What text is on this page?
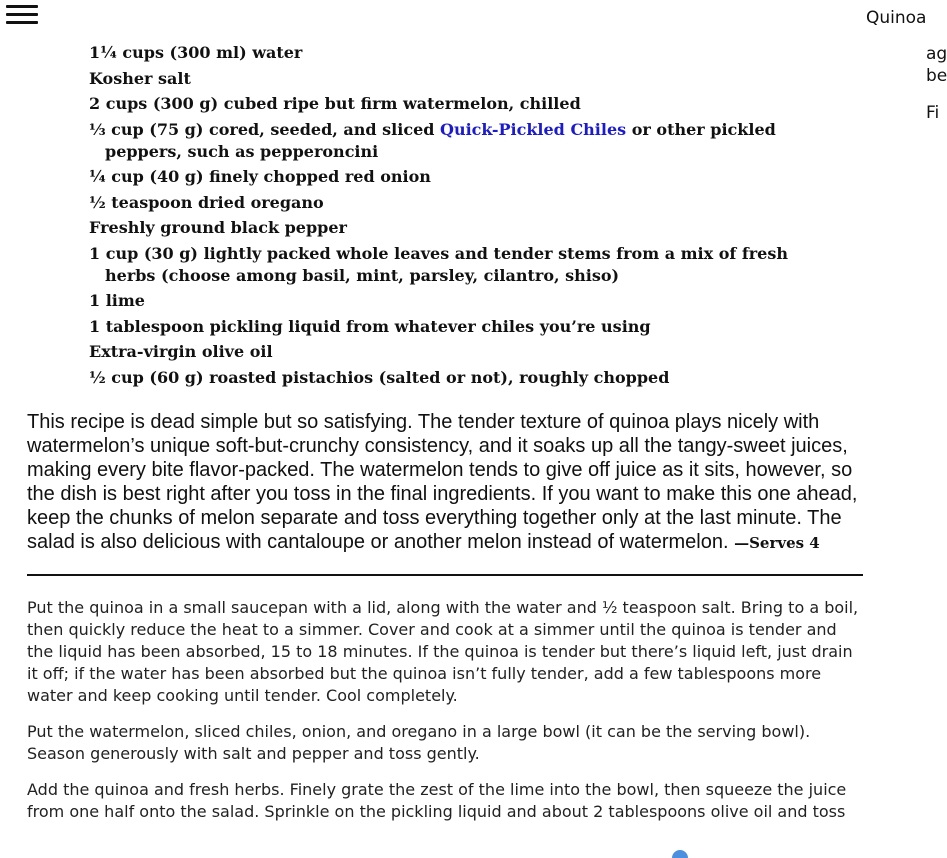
Quinoa
ag
be
Fi
1¼ cups (300 ml) water
Kosher salt
2 cups (300 g) cubed ripe but firm watermelon, chilled
⅓ cup (75 g) cored, seeded, and sliced Quick-Pickled Chiles or other pickled peppers, such as pepperoncini
¼ cup (40 g) finely chopped red onion
½ teaspoon dried oregano
Freshly ground black pepper
1 cup (30 g) lightly packed whole leaves and tender stems from a mix of fresh herbs (choose among basil, mint, parsley, cilantro, shiso)
1 lime
1 tablespoon pickling liquid from whatever chiles you’re using
Extra-virgin olive oil
½ cup (60 g) roasted pistachios (salted or not), roughly chopped

This recipe is dead simple but so satisfying. The tender texture of quinoa plays nicely with watermelon’s unique soft-but-crunchy consistency, and it soaks up all the tangy-sweet juices, making every bite flavor-packed. The watermelon tends to give off juice as it sits, however, so the dish is best right after you toss in the final ingredients. If you want to make this one ahead, keep the chunks of melon separate and toss everything together only at the last minute. The salad is also delicious with cantaloupe or another melon instead of watermelon. —Serves 4

Put the quinoa in a small saucepan with a lid, along with the water and ½ teaspoon salt. Bring to a boil, then quickly reduce the heat to a simmer. Cover and cook at a simmer until the quinoa is tender and the liquid has been absorbed, 15 to 18 minutes. If the quinoa is tender but there’s liquid left, just drain it off; if the water has been absorbed but the quinoa isn’t fully tender, add a few tablespoons more water and keep cooking until tender. Cool completely.

Put the watermelon, sliced chiles, onion, and oregano in a large bowl (it can be the serving bowl). Season generously with salt and pepper and toss gently.

Add the quinoa and fresh herbs. Finely grate the zest of the lime into the bowl, then squeeze the juice from one half onto the salad. Sprinkle on the pickling liquid and about 2 tablespoons olive oil and toss
